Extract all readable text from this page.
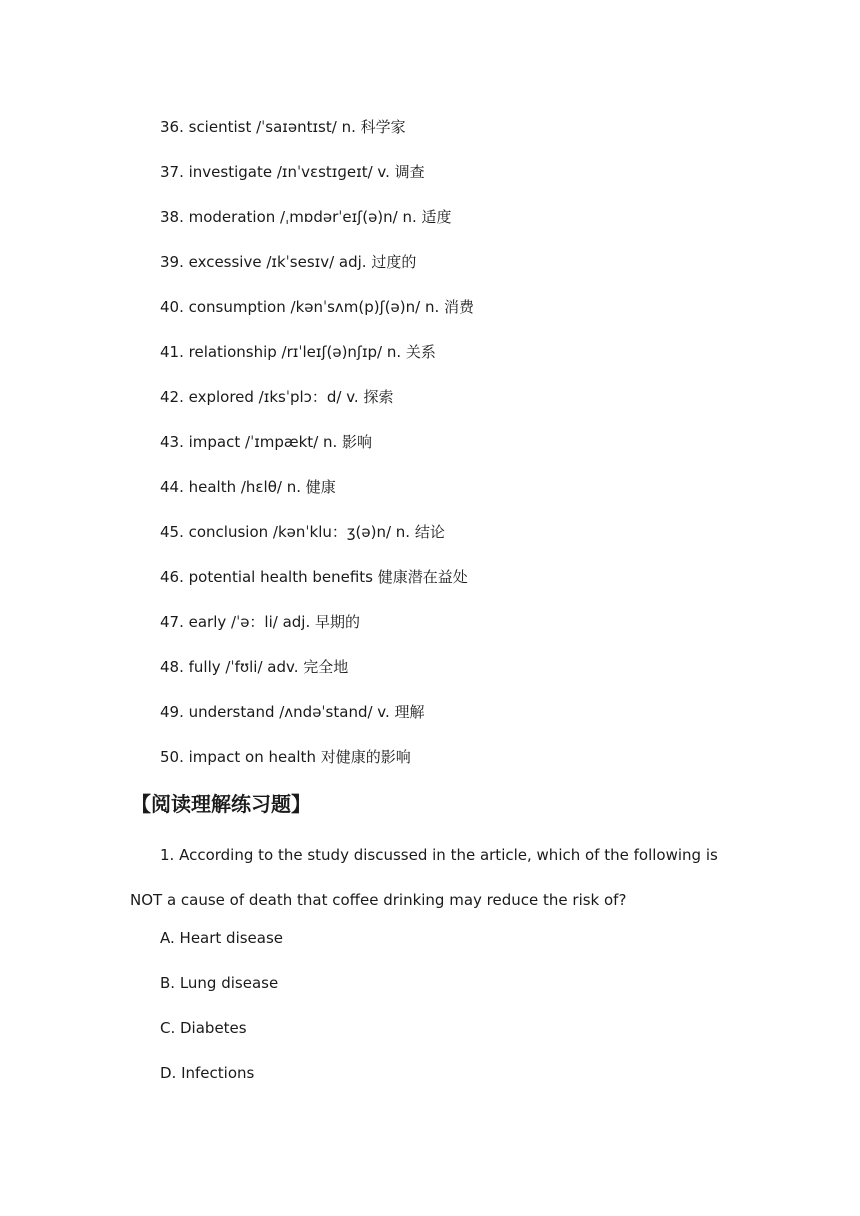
36. scientist /ˈsaɪəntɪst/ n. 科学家
37. investigate /ɪnˈvɛstɪɡeɪt/ v. 调查
38. moderation /ˌmɒdərˈeɪʃ(ə)n/ n. 适度
39. excessive /ɪkˈsesɪv/ adj. 过度的
40. consumption /kənˈsʌm(p)ʃ(ə)n/ n. 消费
41. relationship /rɪˈleɪʃ(ə)nʃɪp/ n. 关系
42. explored /ɪksˈplɔ：d/ v. 探索
43. impact /ˈɪmpækt/ n. 影响
44. health /hɛlθ/ n. 健康
45. conclusion /kənˈklu：ʒ(ə)n/ n. 结论
46. potential health benefits 健康潜在益处
47. early /ˈə：li/ adj. 早期的
48. fully /ˈfʊli/ adv. 完全地
49. understand /ʌndəˈstand/ v. 理解
50. impact on health 对健康的影响
【阅读理解练习题】
1. According to the study discussed in the article, which of the following is NOT a cause of death that coffee drinking may reduce the risk of?
A. Heart disease
B. Lung disease
C. Diabetes
D. Infections
